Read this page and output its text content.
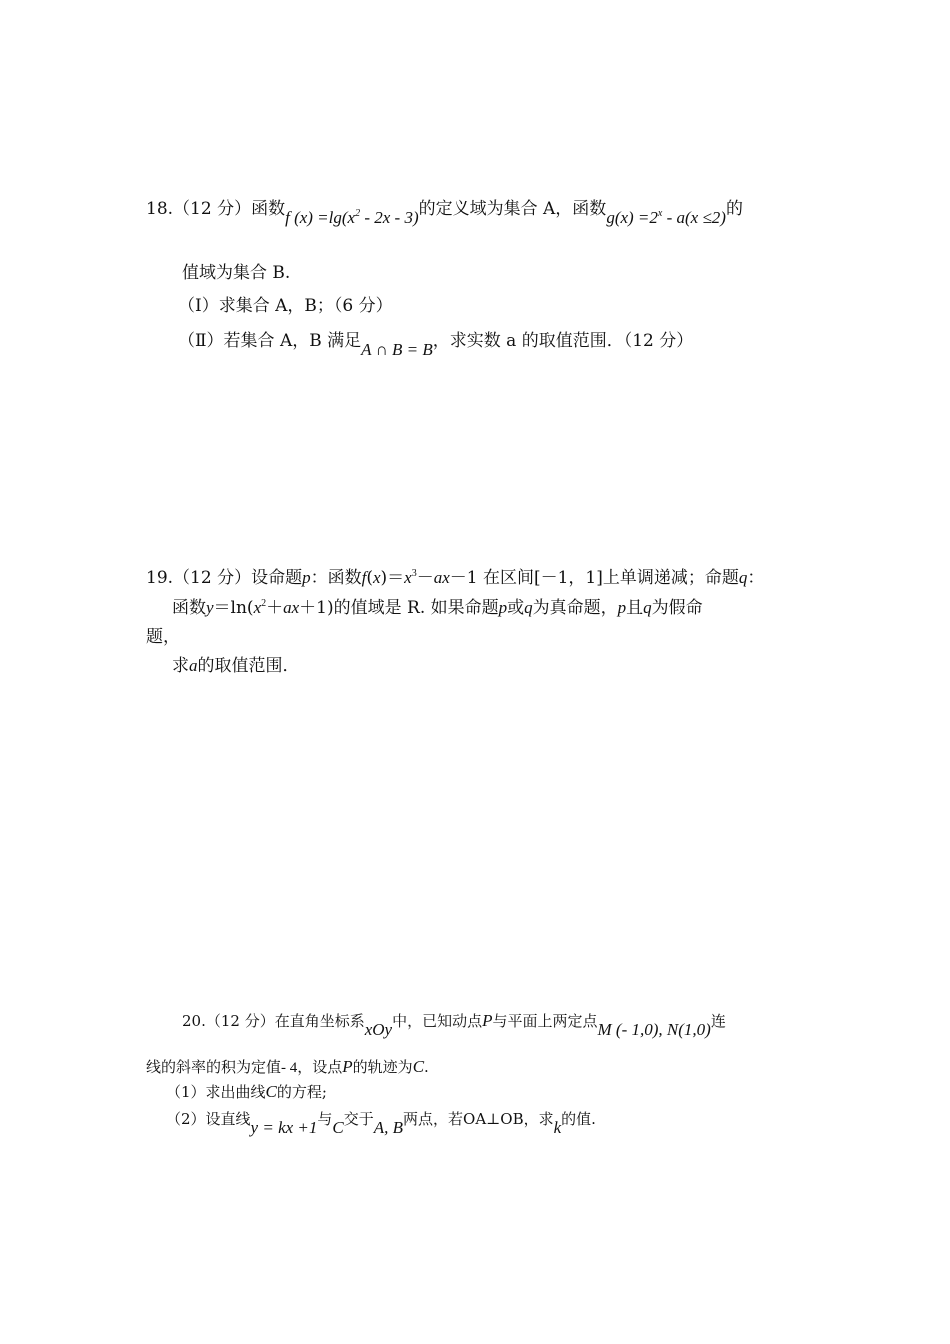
18.（12 分）函数f $(x) =\lg(x^2 - 2x - 3)$的定义域为集合 A，函数$g(x) =2^x - a(x \le 2)$的
值域为集合 B.
（Ⅰ）求集合 A，B；（6 分）
（Ⅱ）若集合 A，B 满足A ∩ B = B，求实数 a 的取值范围．（12 分）
19.（12 分）设命题p：函数$f(x)=x^3-ax-1$ 在区间[－1，1]上单调递减；命题q：
函数$y=\ln(x^2+ax+1)$的值域是 R. 如果命题p或q为真命题，p且q为假命
题，
求a的取值范围．
20.（12 分）在直角坐标系xOy中，已知动点P与平面上两定点M (- 1,0), N(1,0)连
线的斜率的积为定值- 4，设点P的轨迹为C.
（1）求出曲线C的方程;
（2）设直线y = kx +1与C交于A, B两点，若OA⊥OB，求k的值.
